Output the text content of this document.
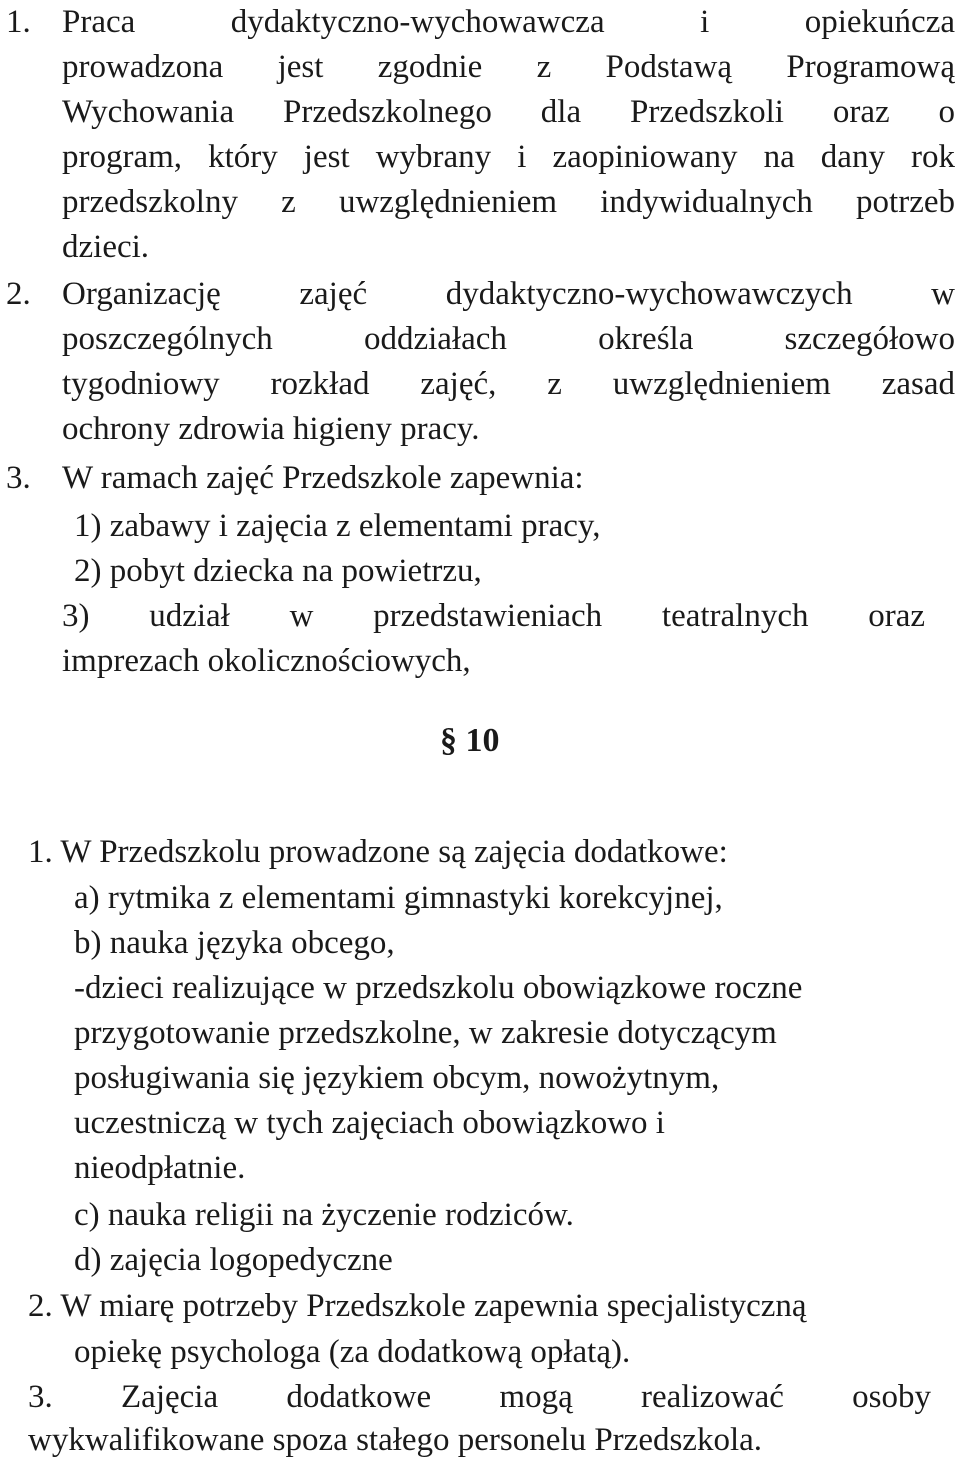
1. Praca dydaktyczno-wychowawcza i opiekuńcza
prowadzona jest zgodnie z Podstawą Programową
Wychowania Przedszkolnego dla Przedszkoli oraz o
program, który jest wybrany i zaopiniowany na dany rok
przedszkolny z uwzględnieniem indywidualnych potrzeb
dzieci.
2. Organizację zajęć dydaktyczno-wychowawczych w
poszczególnych oddziałach określa szczegółowo
tygodniowy rozkład zajęć, z uwzględnieniem zasad
ochrony zdrowia higieny pracy.
3. W ramach zajęć Przedszkole zapewnia:
1) zabawy i zajęcia z elementami pracy,
2) pobyt dziecka na powietrzu,
3) udział w przedstawieniach teatralnych oraz
imprezach okolicznościowych,
§ 10
1. W Przedszkolu prowadzone są zajęcia dodatkowe:
a) rytmika z elementami gimnastyki korekcyjnej,
b) nauka języka obcego,
-dzieci realizujące w przedszkolu obowiązkowe roczne
przygotowanie przedszkolne, w zakresie dotyczącym
posługiwania się językiem obcym, nowożytnym,
uczestniczą w tych zajęciach obowiązkowo i
nieodpłatnie.
c) nauka religii na życzenie rodziców.
d) zajęcia logopedyczne
2. W miarę potrzeby Przedszkole zapewnia specjalistyczną
opiekę psychologa (za dodatkową opłatą).
3. Zajęcia dodatkowe mogą realizować osoby
wykwalifikowane spoza stałego personelu Przedszkola.
